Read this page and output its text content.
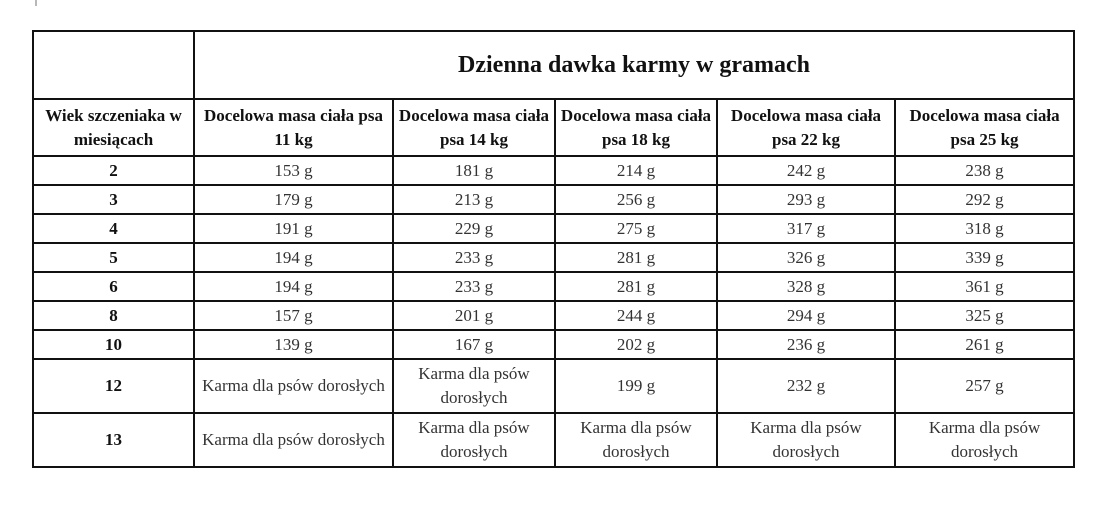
	Dzienna dawka karmy w gramach				
Wiek szczeniaka w miesiącach	Docelowa masa ciała psa 11 kg	Docelowa masa ciała psa 14 kg	Docelowa masa ciała psa 18 kg	Docelowa masa ciała psa 22 kg	Docelowa masa ciała psa 25 kg
2	153 g	181 g	214 g	242 g	238 g
3	179 g	213 g	256 g	293 g	292 g
4	191 g	229 g	275 g	317 g	318 g
5	194 g	233 g	281 g	326 g	339 g
6	194 g	233 g	281 g	328 g	361 g
8	157 g	201 g	244 g	294 g	325 g
10	139 g	167 g	202 g	236 g	261 g
12	Karma dla psów dorosłych	Karma dla psów dorosłych	199 g	232 g	257 g
13	Karma dla psów dorosłych	Karma dla psów dorosłych	Karma dla psów dorosłych	Karma dla psów dorosłych	Karma dla psów dorosłych
